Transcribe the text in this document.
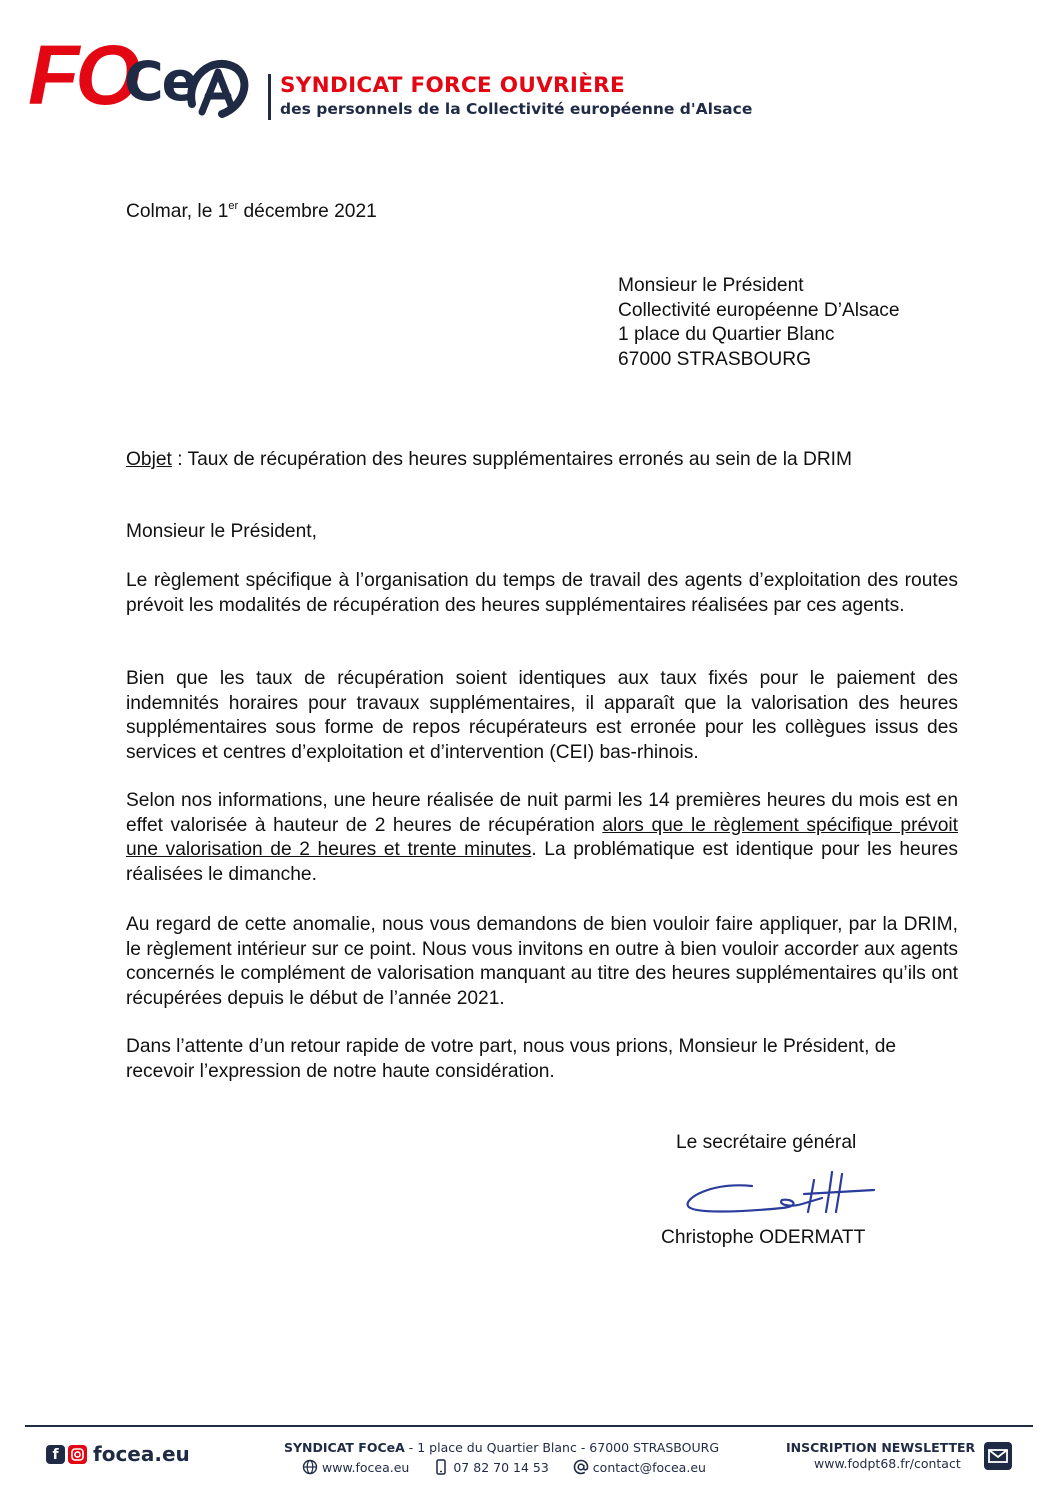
FO
Ce	SYNDICAT FORCE OUVRIÈRE
des personnels de la Collectivité européenne d'Alsace
Colmar, le 1er décembre 2021
Monsieur le Président
Collectivité européenne D’Alsace
1 place du Quartier Blanc
67000 STRASBOURG
Objet : Taux de récupération des heures supplémentaires erronés au sein de la DRIM
Monsieur le Président,
Le règlement spécifique à l’organisation du temps de travail des agents d’exploitation des routes prévoit les modalités de récupération des heures supplémentaires réalisées par ces agents.
Bien que les taux de récupération soient identiques aux taux fixés pour le paiement des indemnités horaires pour travaux supplémentaires, il apparaît que la valorisation des heures supplémentaires sous forme de repos récupérateurs est erronée pour les collègues issus des services et centres d’exploitation et d’intervention (CEI) bas-rhinois.
Selon nos informations, une heure réalisée de nuit parmi les 14 premières heures du mois est en effet valorisée à hauteur de 2 heures de récupération alors que le règlement spécifique prévoit une valorisation de 2 heures et trente minutes. La problématique est identique pour les heures réalisées le dimanche.
Au regard de cette anomalie, nous vous demandons de bien vouloir faire appliquer, par la DRIM, le règlement intérieur sur ce point. Nous vous invitons en outre à bien vouloir accorder aux agents concernés le complément de valorisation manquant au titre des heures supplémentaires qu’ils ont récupérées depuis le début de l’année 2021.
Dans l’attente d’un retour rapide de votre part, nous vous prions, Monsieur le Président, de recevoir l’expression de notre haute considération.
Le secrétaire général
Christophe ODERMATT
f	focea.eu	SYNDICAT FOCeA - 1 place du Quartier Blanc - 67000 STRASBOURG
www.focea.eu	07 82 70 14 53	contact@focea.eu
INSCRIPTION NEWSLETTER
www.fodpt68.fr/contact
